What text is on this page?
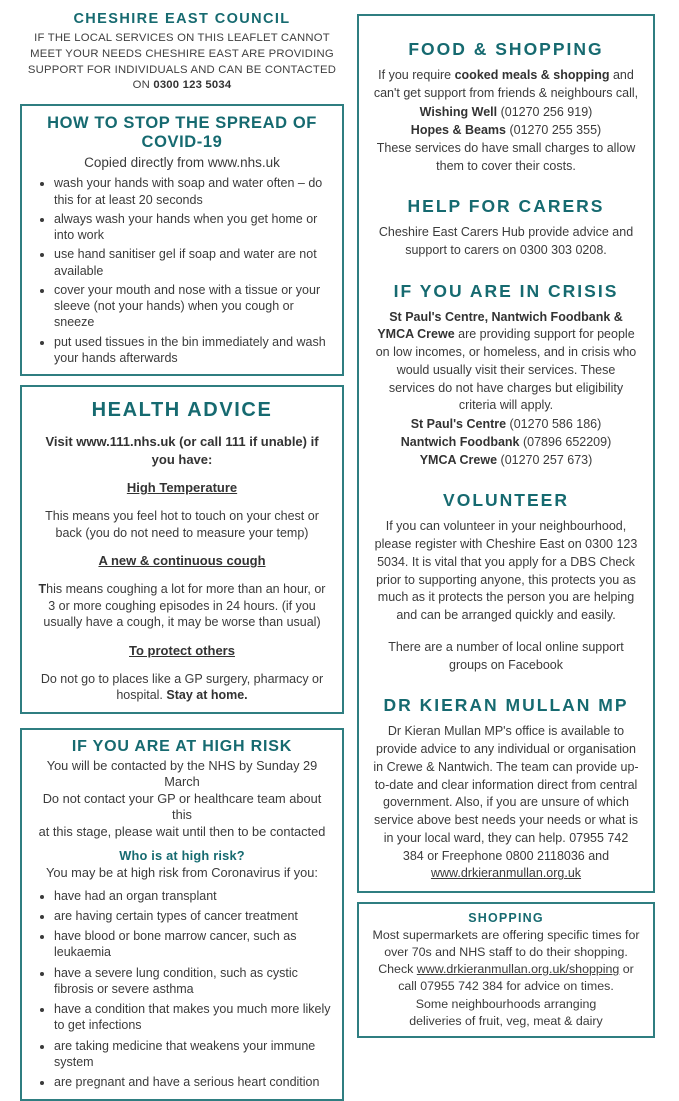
CHESHIRE EAST COUNCIL

IF THE LOCAL SERVICES ON THIS LEAFLET CANNOT MEET YOUR NEEDS CHESHIRE EAST ARE PROVIDING SUPPORT FOR INDIVIDUALS AND CAN BE CONTACTED ON 0300 123 5034

HOW TO STOP THE SPREAD OF COVID-19

Copied directly from www.nhs.uk

• wash your hands with soap and water often – do this for at least 20 seconds
• always wash your hands when you get home or into work
• use hand sanitiser gel if soap and water are not available
• cover your mouth and nose with a tissue or your sleeve (not your hands) when you cough or sneeze
• put used tissues in the bin immediately and wash your hands afterwards
HEALTH ADVICE

Visit www.111.nhs.uk (or call 111 if unable) if you have:

High Temperature

This means you feel hot to touch on your chest or back (you do not need to measure your temp)

A new & continuous cough

This means coughing a lot for more than an hour, or 3 or more coughing episodes in 24 hours. (if you usually have a cough, it may be worse than usual)

To protect others

Do not go to places like a GP surgery, pharmacy or hospital. Stay at home.

IF YOU ARE AT HIGH RISK

You will be contacted by the NHS by Sunday 29 March

Do not contact your GP or healthcare team about this

at this stage, please wait until then to be contacted

Who is at high risk?

You may be at high risk from Coronavirus if you:

• have had an organ transplant
• are having certain types of cancer treatment
• have blood or bone marrow cancer, such as leukaemia
• have a severe lung condition, such as cystic fibrosis or severe asthma
• have a condition that makes you much more likely to get infections
• are taking medicine that weakens your immune system
• are pregnant and have a serious heart condition
FOOD & SHOPPING

If you require cooked meals & shopping and can't get support from friends & neighbours call,

Wishing Well (01270 256 919)

Hopes & Beams (01270 255 355)

These services do have small charges to allow them to cover their costs.

HELP FOR CARERS

Cheshire East Carers Hub provide advice and support to carers on 0300 303 0208.

IF YOU ARE IN CRISIS

St Paul's Centre, Nantwich Foodbank & YMCA Crewe are providing support for people on low incomes, or homeless, and in crisis who would usually visit their services. These services do not have charges but eligibility criteria will apply.

St Paul's Centre (01270 586 186)

Nantwich Foodbank (07896 652209)

YMCA Crewe (01270 257 673)

VOLUNTEER

If you can volunteer in your neighbourhood, please register with Cheshire East on 0300 123 5034. It is vital that you apply for a DBS Check prior to supporting anyone, this protects you as much as it protects the person you are helping and can be arranged quickly and easily.

There are a number of local online support groups on Facebook

DR KIERAN MULLAN MP

Dr Kieran Mullan MP's office is available to provide advice to any individual or organisation in Crewe & Nantwich. The team can provide up-to-date and clear information direct from central government. Also, if you are unsure of which service above best needs your needs or what is in your local ward, they can help. 07955 742 384 or Freephone 0800 2118036 and www.drkieranmullan.org.uk

SHOPPING

Most supermarkets are offering specific times for over 70s and NHS staff to do their shopping. Check www.drkieranmullan.org.uk/shopping or call 07955 742 384 for advice on times.

Some neighbourhoods arranging

deliveries of fruit, veg, meat & dairy
